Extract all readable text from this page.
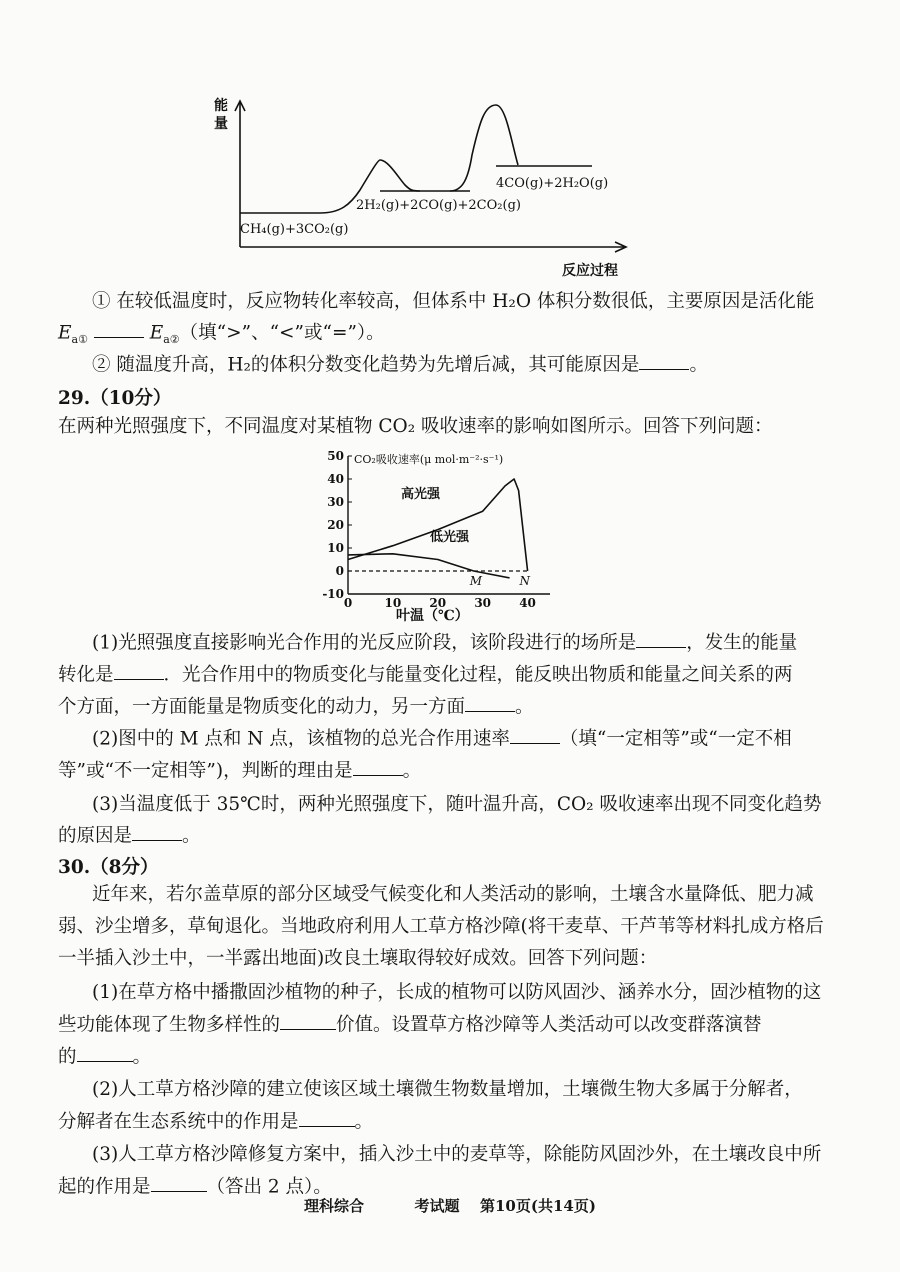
能
量
CH₄(g)+3CO₂(g)
2H₂(g)+2CO(g)+2CO₂(g)
4CO(g)+2H₂O(g)
反应过程
① 在较低温度时，反应物转化率较高，但体系中 H₂O 体积分数很低，主要原因是活化能
$E_{a①}$	$E_{a②}$（填“>”、“<”或“=”）。
② 随温度升高，H₂的体积分数变化趋势为先增后减，其可能原因是	。
29.（10分）
在两种光照强度下，不同温度对某植物 CO₂ 吸收速率的影响如图所示。回答下列问题：
-10
0
10
20
30
40
50
0	10 20 30 40
CO₂吸收速率(μ mol·m⁻²·s⁻¹)
叶温（℃）
高光强
低光强
M	N
(1)光照强度直接影响光合作用的光反应阶段，该阶段进行的场所是	，发生的能量
转化是	．光合作用中的物质变化与能量变化过程，能反映出物质和能量之间关系的两
个方面，一方面能量是物质变化的动力，另一方面	。
(2)图中的 M 点和 N 点，该植物的总光合作用速率	（填“一定相等”或“一定不相
等”或“不一定相等”)，判断的理由是	。
(3)当温度低于 35℃时，两种光照强度下，随叶温升高，CO₂ 吸收速率出现不同变化趋势
的原因是	。
30.（8分）
近年来，若尔盖草原的部分区域受气候变化和人类活动的影响，土壤含水量降低、肥力减
弱、沙尘增多，草甸退化。当地政府利用人工草方格沙障(将干麦草、干芦苇等材料扎成方格后
一半插入沙土中，一半露出地面)改良土壤取得较好成效。回答下列问题：
(1)在草方格中播撒固沙植物的种子，长成的植物可以防风固沙、涵养水分，固沙植物的这
些功能体现了生物多样性的	价值。设置草方格沙障等人类活动可以改变群落演替
的	。
(2)人工草方格沙障的建立使该区域土壤微生物数量增加，土壤微生物大多属于分解者，
分解者在生态系统中的作用是	。
(3)人工草方格沙障修复方案中，插入沙土中的麦草等，除能防风固沙外，在土壤改良中所
起的作用是	（答出 2 点）。
理科综合	考试题 第10页(共14页)
